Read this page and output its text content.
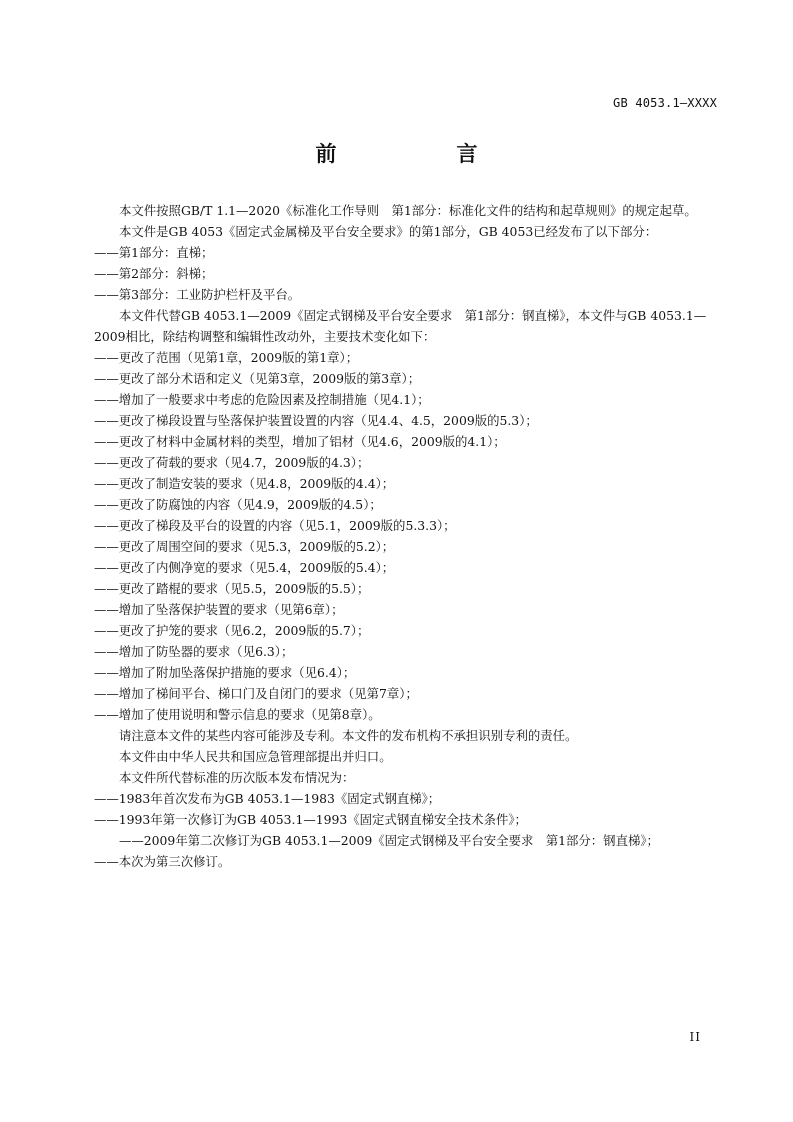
GB 4053.1—XXXX
前　　言

本文件按照GB/T 1.1—2020《标准化工作导则　第1部分：标准化文件的结构和起草规则》的规定起草。

本文件是GB 4053《固定式金属梯及平台安全要求》的第1部分，GB 4053已经发布了以下部分：

——第1部分：直梯；

——第2部分：斜梯；

——第3部分：工业防护栏杆及平台。

本文件代替GB 4053.1—2009《固定式钢梯及平台安全要求　第1部分：钢直梯》，本文件与GB 4053.1—2009相比，除结构调整和编辑性改动外，主要技术变化如下：

——更改了范围（见第1章，2009版的第1章）；

——更改了部分术语和定义（见第3章，2009版的第3章）；

——增加了一般要求中考虑的危险因素及控制措施（见4.1）；

——更改了梯段设置与坠落保护装置设置的内容（见4.4、4.5，2009版的5.3）；

——更改了材料中金属材料的类型，增加了铝材（见4.6，2009版的4.1）；

——更改了荷载的要求（见4.7，2009版的4.3）；

——更改了制造安装的要求（见4.8，2009版的4.4）；

——更改了防腐蚀的内容（见4.9，2009版的4.5）；

——更改了梯段及平台的设置的内容（见5.1，2009版的5.3.3）；

——更改了周围空间的要求（见5.3，2009版的5.2）；

——更改了内侧净宽的要求（见5.4，2009版的5.4）；

——更改了踏棍的要求（见5.5，2009版的5.5）；

——增加了坠落保护装置的要求（见第6章）；

——更改了护笼的要求（见6.2，2009版的5.7）；

——增加了防坠器的要求（见6.3）；

——增加了附加坠落保护措施的要求（见6.4）；

——增加了梯间平台、梯口门及自闭门的要求（见第7章）；

——增加了使用说明和警示信息的要求（见第8章）。

请注意本文件的某些内容可能涉及专利。本文件的发布机构不承担识别专利的责任。

本文件由中华人民共和国应急管理部提出并归口。

本文件所代替标准的历次版本发布情况为：

——1983年首次发布为GB 4053.1—1983《固定式钢直梯》；

——1993年第一次修订为GB 4053.1—1993《固定式钢直梯安全技术条件》；

——2009年第二次修订为GB 4053.1—2009《固定式钢梯及平台安全要求　第1部分：钢直梯》；

——本次为第三次修订。

II
